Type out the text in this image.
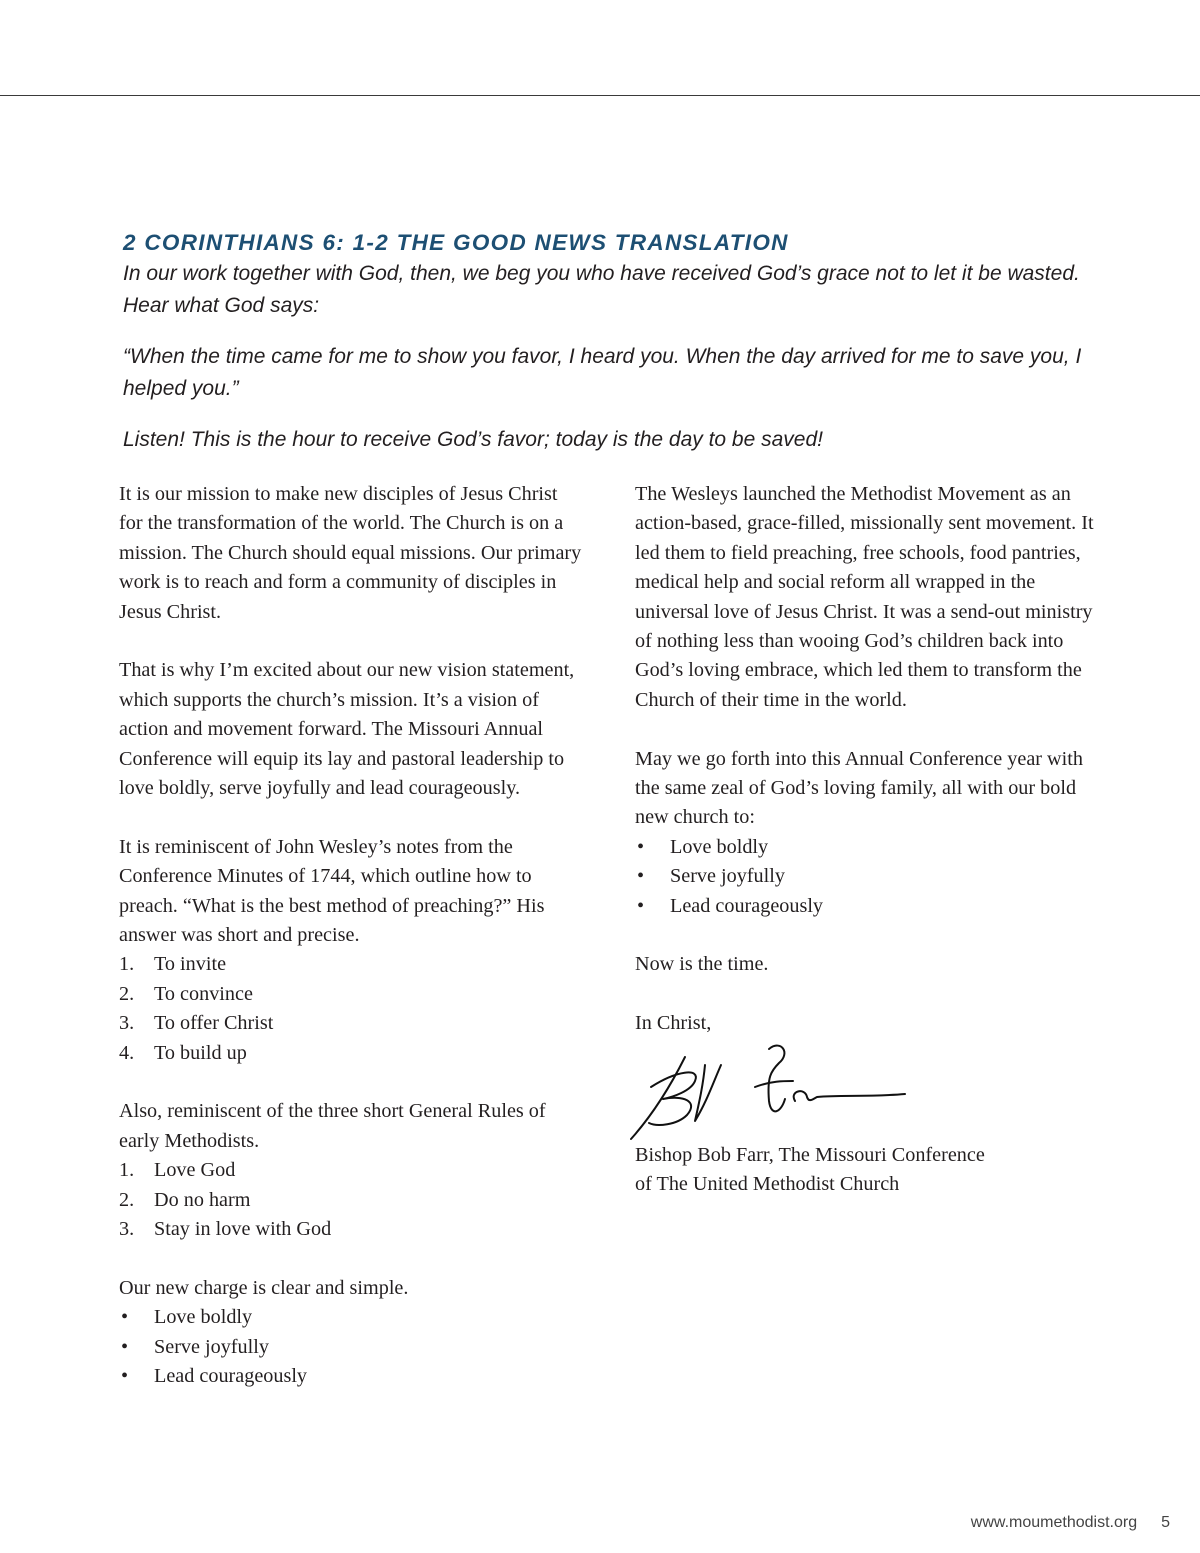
2 CORINTHIANS 6: 1-2 THE GOOD NEWS TRANSLATION

In our work together with God, then, we beg you who have received God’s grace not to let it be wasted. Hear what God says:

“When the time came for me to show you favor, I heard you. When the day arrived for me to save you, I helped you.”

Listen! This is the hour to receive God’s favor; today is the day to be saved!

It is our mission to make new disciples of Jesus Christ for the transformation of the world. The Church is on a mission. The Church should equal missions. Our primary work is to reach and form a community of disciples in Jesus Christ.

That is why I’m excited about our new vision statement, which supports the church’s mission. It’s a vision of action and movement forward. The Missouri Annual Conference will equip its lay and pastoral leadership to love boldly, serve joyfully and lead courageously.

It is reminiscent of John Wesley’s notes from the Conference Minutes of 1744, which outline how to preach. “What is the best method of preaching?” His answer was short and precise.

1. To invite
2. To convince
3. To offer Christ
4. To build up

Also, reminiscent of the three short General Rules of early Methodists.

1. Love God
2. Do no harm
3. Stay in love with God

Our new charge is clear and simple.

• Love boldly
• Serve joyfully
• Lead courageously

The Wesleys launched the Methodist Movement as an action-based, grace-filled, missionally sent movement. It led them to field preaching, free schools, food pantries, medical help and social reform all wrapped in the universal love of Jesus Christ. It was a send-out ministry of nothing less than wooing God’s children back into God’s loving embrace, which led them to transform the Church of their time in the world.

May we go forth into this Annual Conference year with the same zeal of God’s loving family, all with our bold new church to:

• Love boldly
• Serve joyfully
• Lead courageously

Now is the time.

In Christ,

Bishop Bob Farr, The Missouri Conference

of The United Methodist Church

www.moumethodist.org 5
